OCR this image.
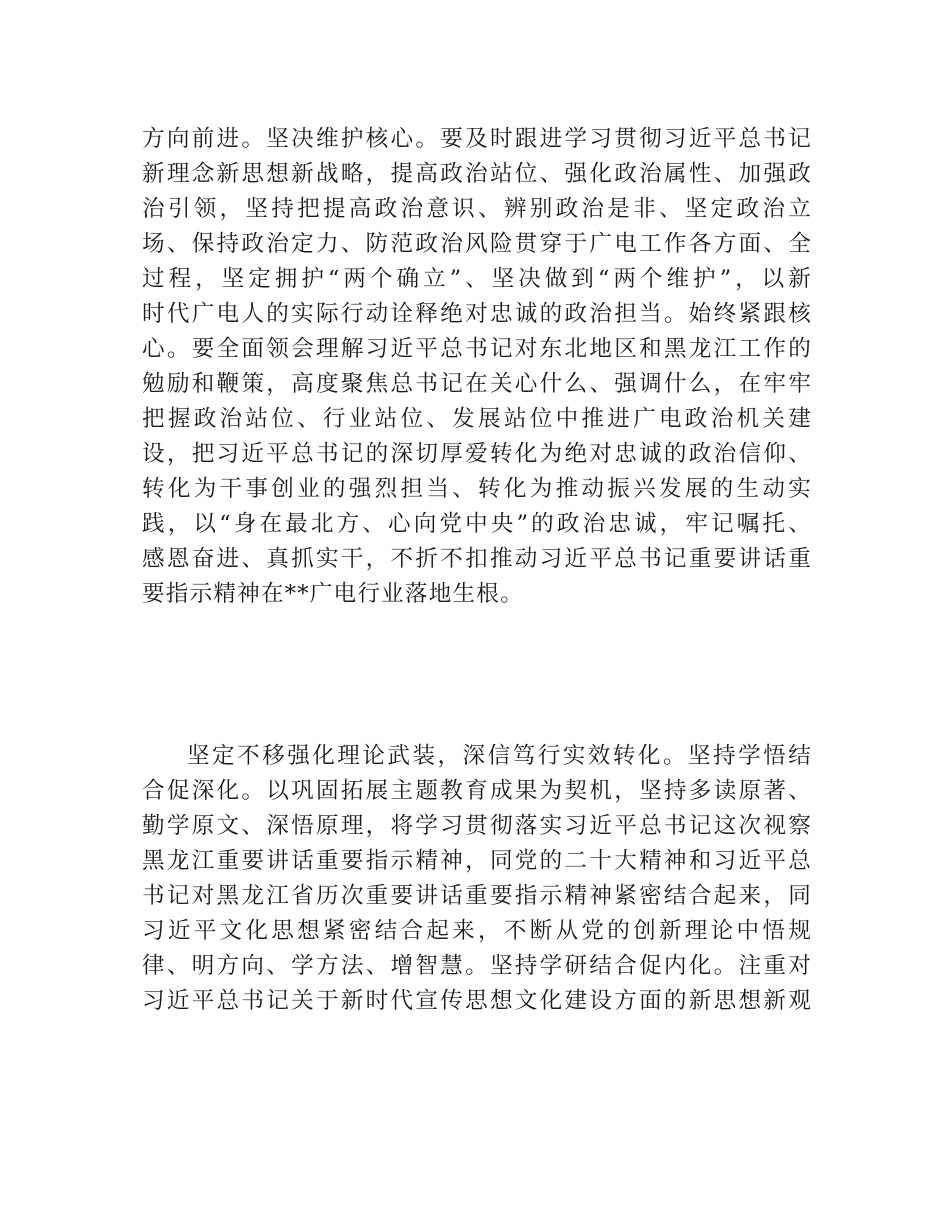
方向前进。坚决维护核心。要及时跟进学习贯彻习近平总书记
新理念新思想新战略，提高政治站位、强化政治属性、加强政
治引领，坚持把提高政治意识、辨别政治是非、坚定政治立
场、保持政治定力、防范政治风险贯穿于广电工作各方面、全
过程，坚定拥护“两个确立”、坚决做到“两个维护”，以新
时代广电人的实际行动诠释绝对忠诚的政治担当。始终紧跟核
心。要全面领会理解习近平总书记对东北地区和黑龙江工作的
勉励和鞭策，高度聚焦总书记在关心什么、强调什么，在牢牢
把握政治站位、行业站位、发展站位中推进广电政治机关建
设，把习近平总书记的深切厚爱转化为绝对忠诚的政治信仰、
转化为干事创业的强烈担当、转化为推动振兴发展的生动实
践，以“身在最北方、心向党中央”的政治忠诚，牢记嘱托、
感恩奋进、真抓实干，不折不扣推动习近平总书记重要讲话重
要指示精神在**广电行业落地生根。
坚定不移强化理论武装，深信笃行实效转化。坚持学悟结
合促深化。以巩固拓展主题教育成果为契机，坚持多读原著、
勤学原文、深悟原理，将学习贯彻落实习近平总书记这次视察
黑龙江重要讲话重要指示精神，同党的二十大精神和习近平总
书记对黑龙江省历次重要讲话重要指示精神紧密结合起来，同
习近平文化思想紧密结合起来，不断从党的创新理论中悟规
律、明方向、学方法、增智慧。坚持学研结合促内化。注重对
习近平总书记关于新时代宣传思想文化建设方面的新思想新观
